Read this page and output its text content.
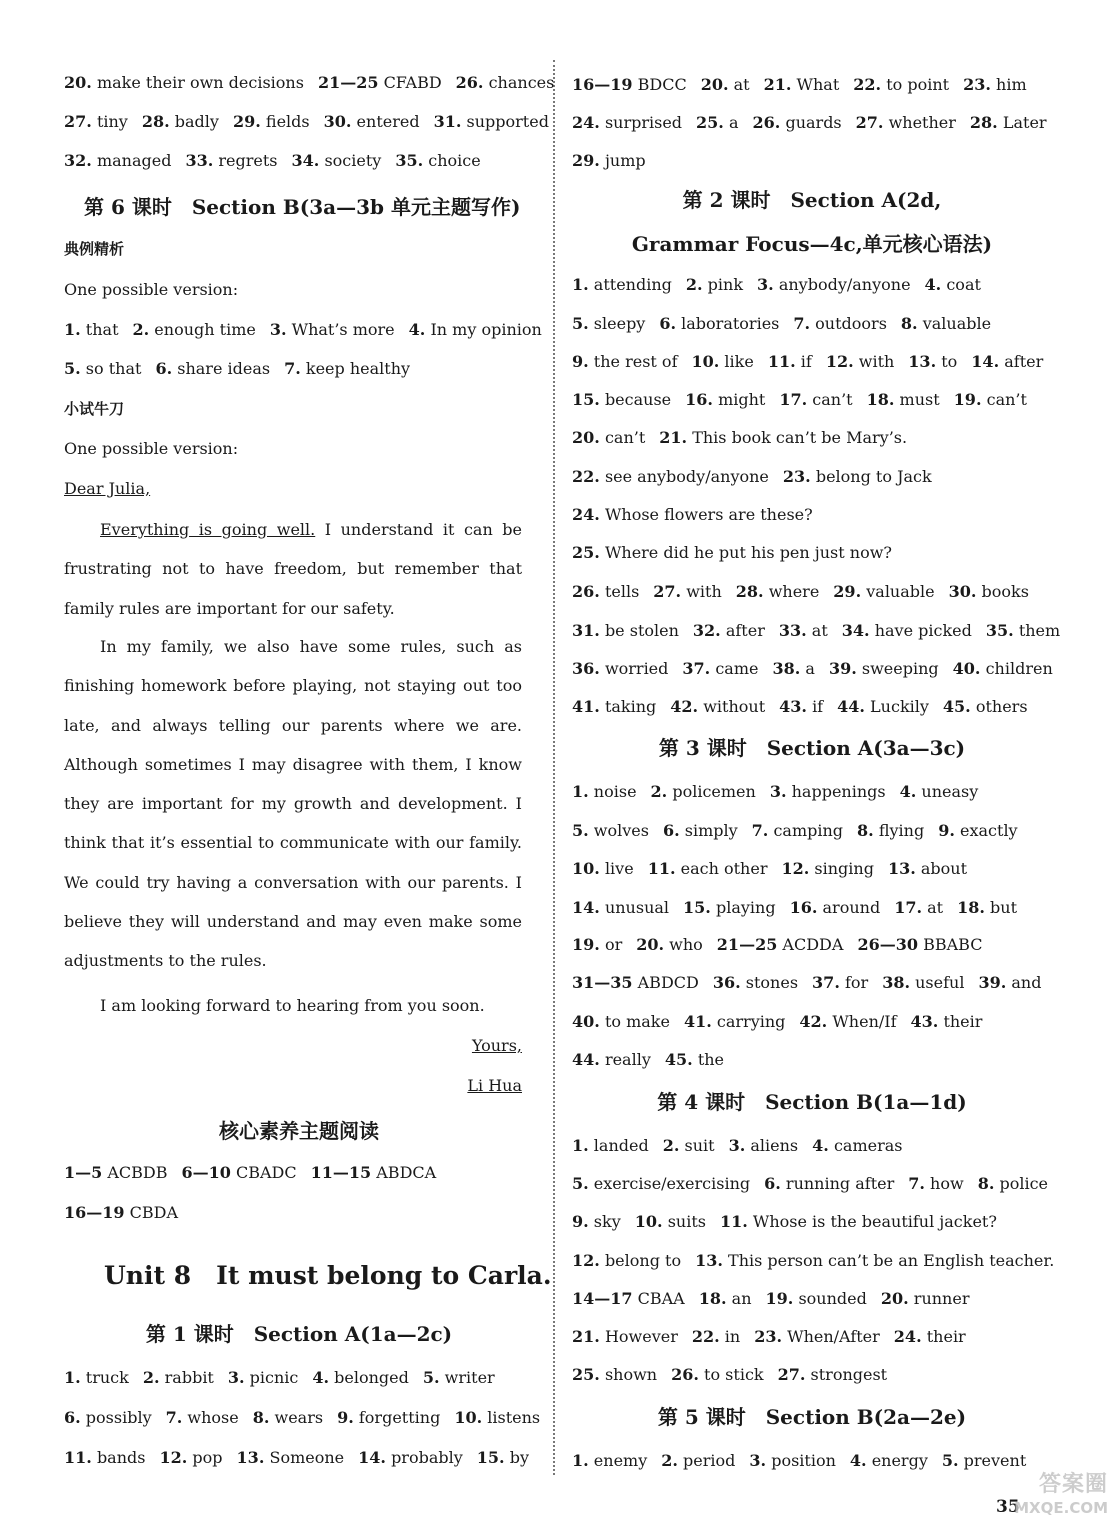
20. make their own decisions 21—25 CFABD 26. chances
27. tiny 28. badly 29. fields 30. entered 31. supported
32. managed 33. regrets 34. society 35. choice
第 6 课时　Section B(3a—3b 单元主题写作)
典例精析
One possible version:
1. that 2. enough time 3. What’s more 4. In my opinion
5. so that 6. share ideas 7. keep healthy
小试牛刀
One possible version:
Dear Julia,
Everything is going well. I understand it can be frustrating not to have freedom, but remember that family rules are important for our safety.
In my family, we also have some rules, such as finishing homework before playing, not staying out too late, and always telling our parents where we are. Although sometimes I may disagree with them, I know they are important for my growth and development. I think that it’s essential to communicate with our family. We could try having a conversation with our parents. I believe they will understand and may even make some adjustments to the rules.
I am looking forward to hearing from you soon.
Yours,
Li Hua
核心素养主题阅读
1—5 ACBDB 6—10 CBADC 11—15 ABDCA
16—19 CBDA
Unit 8　It must belong to Carla.
第 1 课时　Section A(1a—2c)
1. truck 2. rabbit 3. picnic 4. belonged 5. writer
6. possibly 7. whose 8. wears 9. forgetting 10. listens
11. bands 12. pop 13. Someone 14. probably 15. by
16—19 BDCC 20. at 21. What 22. to point 23. him
24. surprised 25. a 26. guards 27. whether 28. Later
29. jump
第 2 课时　Section A(2d,
Grammar Focus—4c,单元核心语法)
1. attending 2. pink 3. anybody/anyone 4. coat
5. sleepy 6. laboratories 7. outdoors 8. valuable
9. the rest of 10. like 11. if 12. with 13. to 14. after
15. because 16. might 17. can’t 18. must 19. can’t
20. can’t 21. This book can’t be Mary’s.
22. see anybody/anyone 23. belong to Jack
24. Whose flowers are these?
25. Where did he put his pen just now?
26. tells 27. with 28. where 29. valuable 30. books
31. be stolen 32. after 33. at 34. have picked 35. them
36. worried 37. came 38. a 39. sweeping 40. children
41. taking 42. without 43. if 44. Luckily 45. others
第 3 课时　Section A(3a—3c)
1. noise 2. policemen 3. happenings 4. uneasy
5. wolves 6. simply 7. camping 8. flying 9. exactly
10. live 11. each other 12. singing 13. about
14. unusual 15. playing 16. around 17. at 18. but
19. or 20. who 21—25 ACDDA 26—30 BBABC
31—35 ABDCD 36. stones 37. for 38. useful 39. and
40. to make 41. carrying 42. When/If 43. their
44. really 45. the
第 4 课时　Section B(1a—1d)
1. landed 2. suit 3. aliens 4. cameras
5. exercise/exercising 6. running after 7. how 8. police
9. sky 10. suits 11. Whose is the beautiful jacket?
12. belong to 13. This person can’t be an English teacher.
14—17 CBAA 18. an 19. sounded 20. runner
21. However 22. in 23. When/After 24. their
25. shown 26. to stick 27. strongest
第 5 课时　Section B(2a—2e)
1. enemy 2. period 3. position 4. energy 5. prevent
35
答案圈
MXQE.COM
